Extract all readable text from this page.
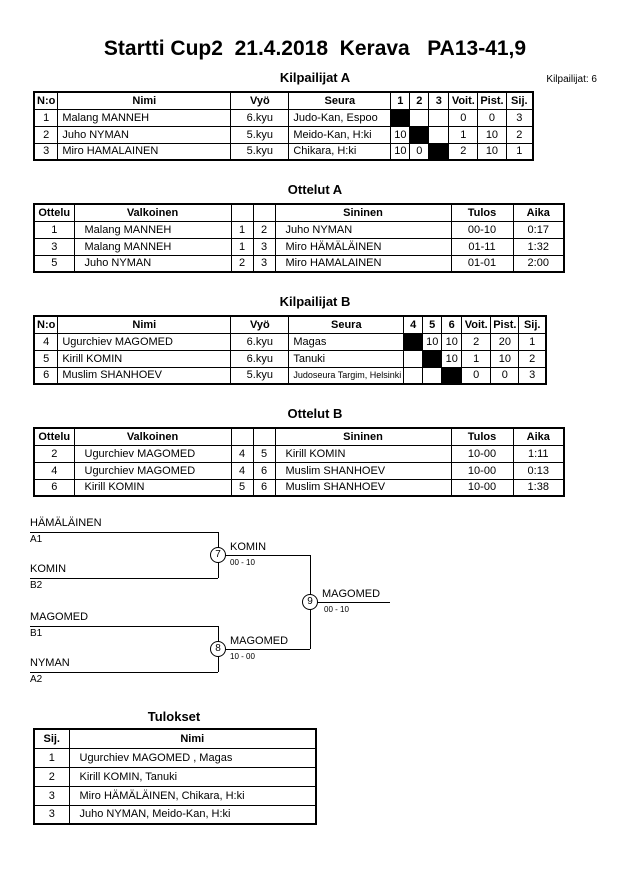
Startti Cup2  21.4.2018  Kerava   PA13-41,9
Kilpailijat A	Kilpailijat: 6
N:o	Nimi	Vyö	Seura	1	2	3	Voit.	Pist.	Sij.
1	Malang MANNEH	6.kyu	Judo-Kan, Espoo				0	0	3
2	Juho NYMAN	5.kyu	Meido-Kan, H:ki	10			1	10	2
3	Miro HAMALAINEN	5.kyu	Chikara, H:ki	10	0		2	10	1
Ottelut A
Ottelu	Valkoinen			Sininen	Tulos	Aika
1	Malang MANNEH	1	2	Juho NYMAN	00-10	0:17
3	Malang MANNEH	1	3	Miro HÄMÄLÄINEN	01-11	1:32
5	Juho NYMAN	2	3	Miro HAMALAINEN	01-01	2:00
Kilpailijat B
N:o	Nimi	Vyö	Seura	4	5	6	Voit.	Pist.	Sij.
4	Ugurchiev MAGOMED	6.kyu	Magas		10	10	2	20	1
5	Kirill KOMIN	6.kyu	Tanuki			10	1	10	2
6	Muslim SHANHOEV	5.kyu	Judoseura Targim, Helsinki				0	0	3
Ottelut B
Ottelu	Valkoinen			Sininen	Tulos	Aika
2	Ugurchiev MAGOMED	4	5	Kirill KOMIN	10-00	1:11
4	Ugurchiev MAGOMED	4	6	Muslim SHANHOEV	10-00	0:13
6	Kirill KOMIN	5	6	Muslim SHANHOEV	10-00	1:38
HÄMÄLÄINEN
A1
KOMIN
B2
7
KOMIN
00 - 10
MAGOMED
B1
NYMAN
A2
8
MAGOMED
10 - 00
9
MAGOMED
00 - 10
Tulokset
Sij.	Nimi
1	Ugurchiev MAGOMED , Magas
2	Kirill KOMIN, Tanuki
3	Miro HÄMÄLÄINEN, Chikara, H:ki
3	Juho NYMAN, Meido-Kan, H:ki
